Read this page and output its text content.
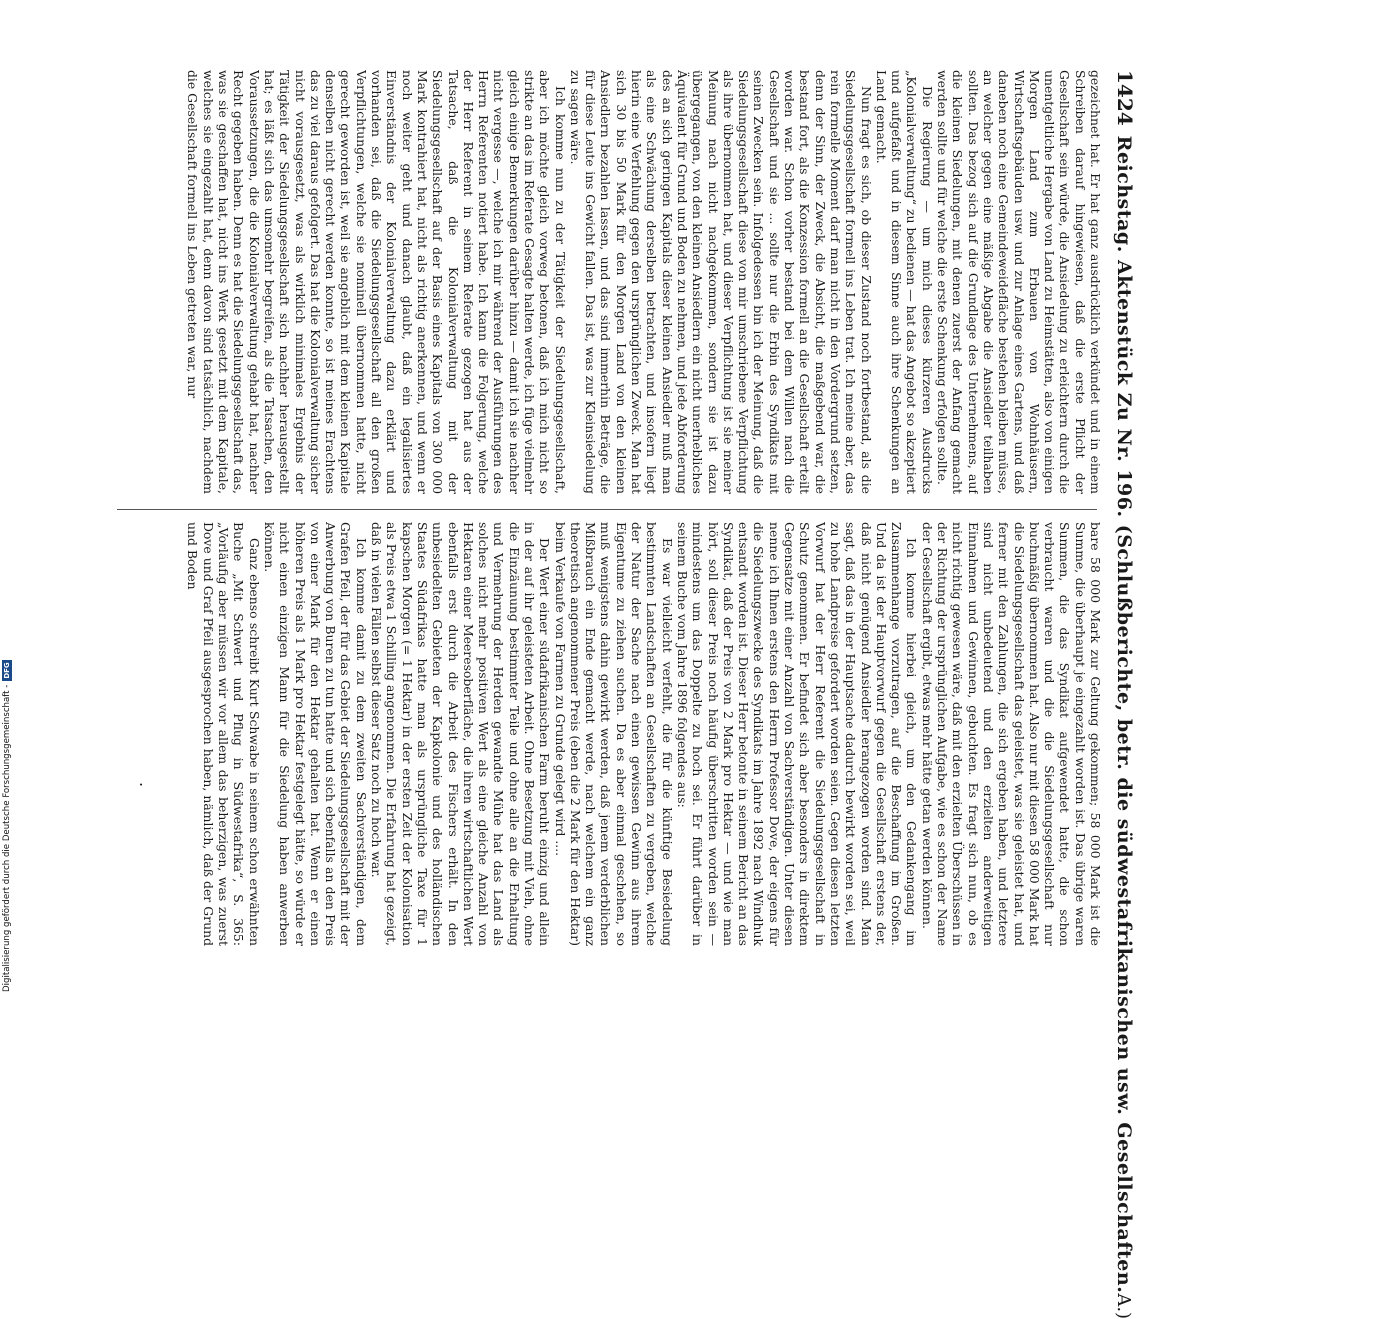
1424
Reichstag. Aktenstück Zu Nr. 196. (Schlußberichte, betr. die südwestafrikanischen usw. Gesellschaften.
A.)

gezeichnet hat. Er hat ganz ausdrücklich verkündet und in einem Schreiben darauf hingewiesen, daß die erste Pflicht der Gesellschaft sein würde, die Ansiedelung zu erleichtern durch die unentgeltliche Hergabe von Land zu Heimstätten, also von einigen Morgen Land zum Erbauen von Wohnhäusern, Wirtschaftsgebäuden usw. und zur Anlage eines Gartens, und daß daneben noch eine Gemeindeweidefläche bestehen bleiben müsse, an welcher gegen eine mäßige Abgabe die Ansiedler teilhaben sollten. Das bezog sich auf die Grundlage des Unternehmens, auf die kleinen Siedelungen, mit denen zuerst der Anfang gemacht werden sollte und für welche die erste Schenkung erfolgen sollte.

Die Regierung — um mich dieses kürzeren Ausdrucks „Kolonialverwaltung“ zu bedienen — hat das Angebot so akzeptiert und aufgefaßt und in diesem Sinne auch ihre Schenkungen an Land gemacht.

Nun fragt es sich, ob dieser Zustand noch fortbestand, als die Siedelungsgesellschaft formell ins Leben trat. Ich meine aber, das rein formelle Moment darf man nicht in den Vordergrund setzen, denn der Sinn, der Zweck, die Absicht, die maßgebend war, die bestand fort, als die Konzession formell an die Gesellschaft erteilt worden war. Schon vorher bestand bei dem Willen nach die Gesellschaft und sie ... sollte nur die Erbin des Syndikats mit seinen Zwecken sein. Infolgedessen bin ich der Meinung, daß die Siedelungsgesellschaft diese von mir umschriebene Verpflichtung als ihre übernommen hat, und dieser Verpflichtung ist sie meiner Meinung nach nicht nachgekommen, sondern sie ist dazu übergegangen, von den kleinen Ansiedlern ein nicht unerhebliches Äquivalent für Grund und Boden zu nehmen, und jede Abforderung des an sich geringen Kapitals dieser kleinen Ansiedler muß man als eine Schwächung derselben betrachten, und insofern liegt hierin eine Verfehlung gegen den ursprünglichen Zweck. Man hat sich 30 bis 50 Mark für den Morgen Land von den kleinen Ansiedlern bezahlen lassen, und das sind immerhin Beträge, die für diese Leute ins Gewicht fallen. Das ist, was zur Kleinsiedelung zu sagen wäre.

Ich komme nun zu der Tätigkeit der Siedelungsgesellschaft, aber ich möchte gleich vorweg betonen, daß ich mich nicht so strikte an das im Referate Gesagte halten werde, ich füge vielmehr gleich einige Bemerkungen darüber hinzu — damit ich sie nachher nicht vergesse —, welche ich mir während der Ausführungen des Herrn Referenten notiert habe. Ich kann die Folgerung, welche der Herr Referent in seinem Referate gezogen hat aus der Tatsache, daß die Kolonialverwaltung mit der Siedelungsgesellschaft auf der Basis eines Kapitals von 300 000 Mark kontrahiert hat, nicht als richtig anerkennen, und wenn er noch weiter geht und danach glaubt, daß ein legalisiertes Einverständnis der Kolonialverwaltung dazu erklärt und vorhanden sei, daß die Siedelungsgesellschaft all den großen Verpflichtungen, welche sie nominell übernommen hatte, nicht gerecht geworden ist, weil sie angeblich mit dem kleinen Kapitale denselben nicht gerecht werden konnte, so ist meines Erachtens das zu viel daraus gefolgert. Das hat die Kolonialverwaltung sicher nicht vorausgesetzt, was als wirklich minimales Ergebnis der Tätigkeit der Siedelungsgesellschaft sich nachher herausgestellt hat; es läßt sich das umsomehr begreifen, als die Tatsachen, den Voraussetzungen, die die Kolonialverwaltung gehabt hat, nachher Recht gegeben haben. Denn es hat die Siedelungsgesellschaft das, was sie geschaffen hat, nicht ins Werk gesetzt mit dem Kapitale, welches sie eingezahlt hat, denn davon sind tatsächlich, nachdem die Gesellschaft formell ins Leben getreten war, nur

bare 58 000 Mark zur Geltung gekommen; 58 000 Mark ist die Summe, die überhaupt je eingezahlt worden ist. Das übrige waren Summen, die das Syndikat aufgewendet hatte, die schon verbraucht waren und die die Siedelungsgesellschaft nur buchmäßig übernommen hat. Also nur mit diesen 58 000 Mark hat die Siedelungsgesellschaft das geleistet, was sie geleistet hat, und ferner mit den Zahlungen, die sich ergeben haben, und letztere sind nicht unbedeutend und den erzielten anderweitigen Einnahmen und Gewinnen, gebuchten. Es fragt sich nun, ob es nicht richtig gewesen wäre, daß mit den erzielten Überschüssen in der Richtung der ursprünglichen Aufgabe, wie es schon der Name der Gesellschaft ergibt, etwas mehr hätte getan werden können.

Ich komme hierbei gleich, um den Gedankengang im Zusammenhange vorzutragen, auf die Beschaffung im Großen. Und da ist der Hauptvorwurf gegen die Gesellschaft erstens der, daß nicht genügend Ansiedler herangezogen worden sind. Man sagt, daß das in der Hauptsache dadurch bewirkt worden sei, weil zu hohe Landpreise gefordert worden seien. Gegen diesen letzten Vorwurf hat der Herr Referent die Siedelungsgesellschaft in Schutz genommen. Er befindet sich aber besonders in direktem Gegensatze mit einer Anzahl von Sachverständigen. Unter diesen nenne ich Ihnen erstens den Herrn Professor Dove, der eigens für die Siedelungszwecke des Syndikats im Jahre 1892 nach Windhuk entsandt worden ist. Dieser Herr betonte in seinem Bericht an das Syndikat, daß der Preis von 2 Mark pro Hektar — und wie man hört, soll dieser Preis noch häufig überschritten worden sein — mindestens um das Doppelte zu hoch sei. Er führt darüber in seinem Buche vom Jahre 1896 folgendes aus:

Es war vielleicht verfehlt, die für die künftige Besiedelung bestimmten Landschaften an Gesellschaften zu vergeben, welche der Natur der Sache nach einen gewissen Gewinn aus ihrem Eigentume zu ziehen suchen. Da es aber einmal geschehen, so muß wenigstens dahin gewirkt werden, daß jenem verderblichen Mißbrauch ein Ende gemacht werde, nach welchem ein ganz theoretisch angenommener Preis (eben die 2 Mark für den Hektar) beim Verkaufe von Farmen zu Grunde gelegt wird ....

Der Wert einer südafrikanischen Farm beruht einzig und allein in der auf ihr geleisteten Arbeit. Ohne Besetzung mit Vieh, ohne die Einzäunung bestimmter Teile und ohne alle an die Erhaltung und Vermehrung der Herden gewandte Mühe hat das Land als solches nicht mehr positiven Wert als eine gleiche Anzahl von Hektaren einer Meeresoberfläche, die ihren wirtschaftlichen Wert ebenfalls erst durch die Arbeit des Fischers erhält. In den unbesiedelten Gebieten der Kapkolonie und des holländischen Staates Südafrikas hatte man als ursprüngliche Taxe für 1 kapschen Morgen (= 1 Hektar) in der ersten Zeit der Kolonisation als Preis etwa 1 Schilling angenommen. Die Erfahrung hat gezeigt, daß in vielen Fällen selbst dieser Satz noch zu hoch war.

Ich komme damit zu dem zweiten Sachverständigen, dem Grafen Pfeil, der für das Gebiet der Siedelungsgesellschaft mit der Anwerbung von Buren zu tun hatte und sich ebenfalls an den Preis von einer Mark für den Hektar gehalten hat. Wenn er einen höheren Preis als 1 Mark pro Hektar festgelegt hätte, so würde er nicht einen einzigen Mann für die Siedelung haben anwerben können.

Ganz ebenso schreibt Kurt Schwabe in seinem schon erwähnten Buche „Mit Schwert und Pflug in Südwestafrika“, S. 365: „Vorläufig aber müssen wir vor allem das beherzigen, was zuerst Dove und Graf Pfeil ausgesprochen haben, nämlich, daß der Grund und Boden

.
Digitalisierung gefördert durch die Deutsche Forschungsgemeinschaft -
DFG
